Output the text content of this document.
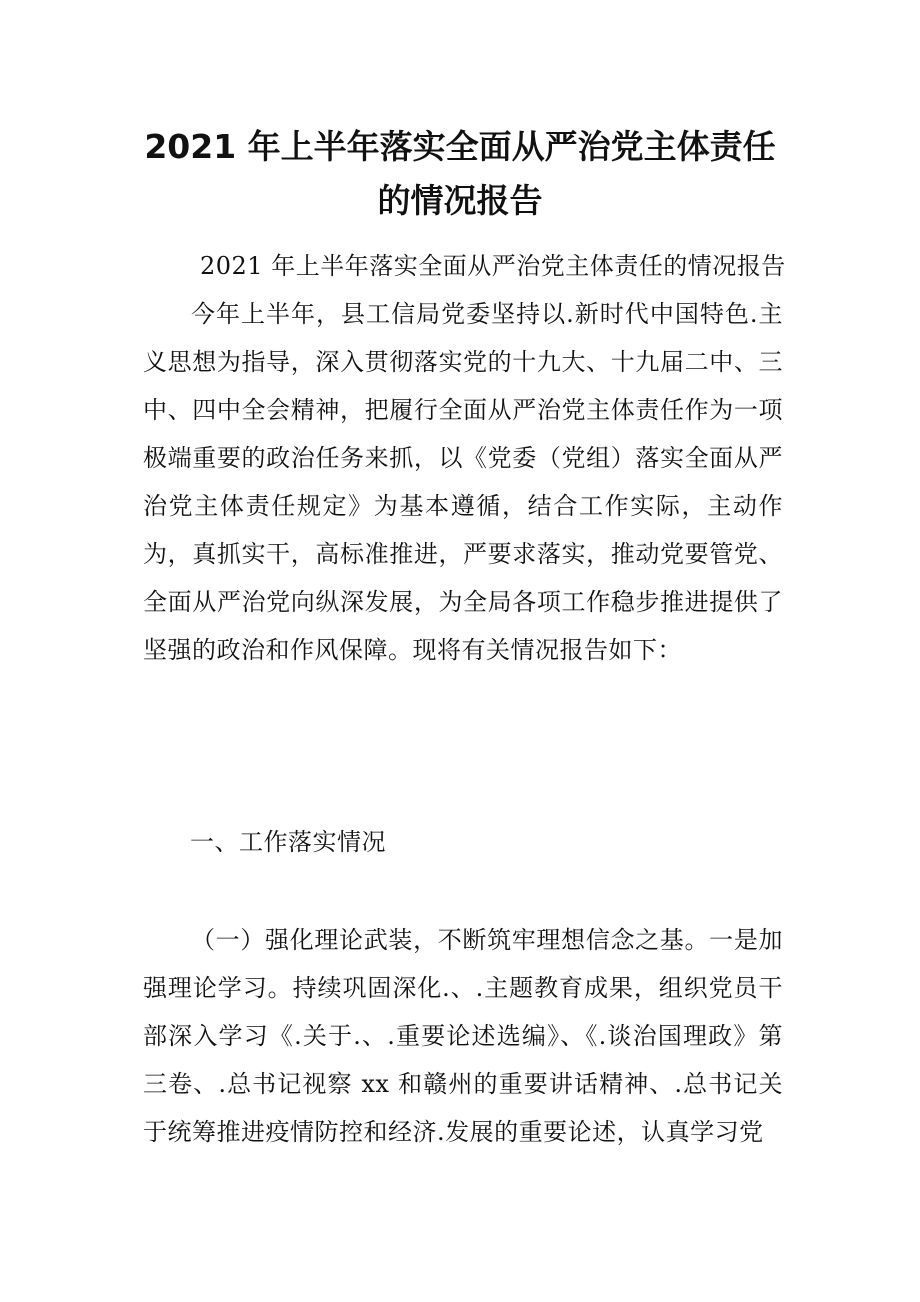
2021 年上半年落实全面从严治党主体责任
的情况报告

2021 年上半年落实全面从严治党主体责任的情况报告

今年上半年，县工信局党委坚持以.新时代中国特色.主义思想为指导，深入贯彻落实党的十九大、十九届二中、三中、四中全会精神，把履行全面从严治党主体责任作为一项极端重要的政治任务来抓，以《党委（党组）落实全面从严治党主体责任规定》为基本遵循，结合工作实际，主动作为，真抓实干，高标准推进，严要求落实，推动党要管党、全面从严治党向纵深发展，为全局各项工作稳步推进提供了坚强的政治和作风保障。现将有关情况报告如下：

一、工作落实情况

（一）强化理论武装，不断筑牢理想信念之基。一是加强理论学习。持续巩固深化.、.主题教育成果，组织党员干部深入学习《.关于.、.重要论述选编》、《.谈治国理政》第三卷、.总书记视察 xx 和赣州的重要讲话精神、.总书记关于统筹推进疫情防控和经济.发展的重要论述，认真学习党
